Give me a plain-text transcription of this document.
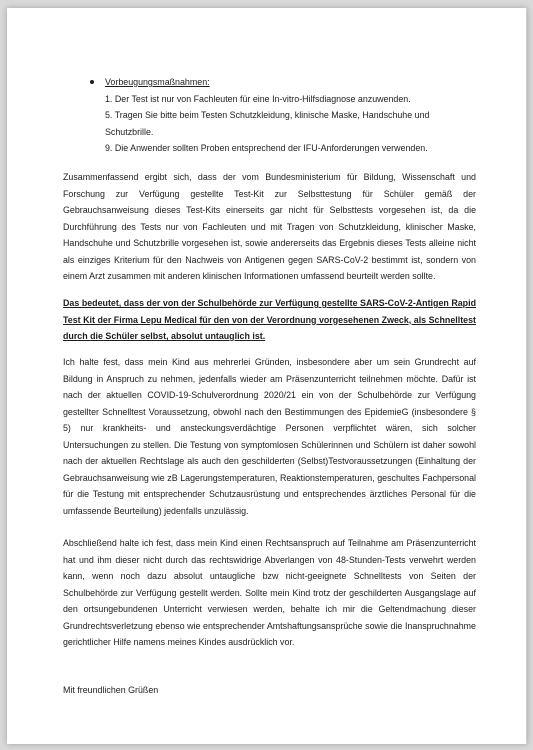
Vorbeugungsmaßnahmen:
1. Der Test ist nur von Fachleuten für eine In-vitro-Hilfsdiagnose anzuwenden.
5. Tragen Sie bitte beim Testen Schutzkleidung, klinische Maske, Handschuhe und Schutzbrille.
9. Die Anwender sollten Proben entsprechend der IFU-Anforderungen verwenden.

Zusammenfassend ergibt sich, dass der vom Bundesministerium für Bildung, Wissenschaft und Forschung zur Verfügung gestellte Test-Kit zur Selbsttestung für Schüler gemäß der Gebrauchsanweisung dieses Test-Kits einerseits gar nicht für Selbsttests vorgesehen ist, da die Durchführung des Tests nur von Fachleuten und mit Tragen von Schutzkleidung, klinischer Maske, Handschuhe und Schutzbrille vorgesehen ist, sowie andererseits das Ergebnis dieses Tests alleine nicht als einziges Kriterium für den Nachweis von Antigenen gegen SARS-CoV-2 bestimmt ist, sondern von einem Arzt zusammen mit anderen klinischen Informationen umfassend beurteilt werden sollte.

Das bedeutet, dass der von der Schulbehörde zur Verfügung gestellte SARS-CoV-2-Antigen Rapid Test Kit der Firma Lepu Medical für den von der Verordnung vorgesehenen Zweck, als Schnelltest durch die Schüler selbst, absolut untauglich ist.

Ich halte fest, dass mein Kind aus mehrerlei Gründen, insbesondere aber um sein Grundrecht auf Bildung in Anspruch zu nehmen, jedenfalls wieder am Präsenzunterricht teilnehmen möchte. Dafür ist nach der aktuellen COVID-19-Schulverordnung 2020/21 ein von der Schulbehörde zur Verfügung gestellter Schnelltest Voraussetzung, obwohl nach den Bestimmungen des EpidemieG (insbesondere § 5) nur krankheits- und ansteckungsverdächtige Personen verpflichtet wären, sich solcher Untersuchungen zu stellen. Die Testung von symptomlosen Schülerinnen und Schülern ist daher sowohl nach der aktuellen Rechtslage als auch den geschilderten (Selbst)Testvoraussetzungen (Einhaltung der Gebrauchsanweisung wie zB Lagerungstemperaturen, Reaktionstemperaturen, geschultes Fachpersonal für die Testung mit entsprechender Schutzausrüstung und entsprechendes ärztliches Personal für die umfassende Beurteilung) jedenfalls unzulässig.

Abschließend halte ich fest, dass mein Kind einen Rechtsanspruch auf Teilnahme am Präsenzunterricht hat und ihm dieser nicht durch das rechtswidrige Abverlangen von 48-Stunden-Tests verwehrt werden kann, wenn noch dazu absolut untaugliche bzw nicht-geeignete Schnelltests von Seiten der Schulbehörde zur Verfügung gestellt werden. Sollte mein Kind trotz der geschilderten Ausgangslage auf den ortsungebundenen Unterricht verwiesen werden, behalte ich mir die Geltendmachung dieser Grundrechtsverletzung ebenso wie entsprechender Amtshaftungsansprüche sowie die Inanspruchnahme gerichtlicher Hilfe namens meines Kindes ausdrücklich vor.

Mit freundlichen Grüßen
